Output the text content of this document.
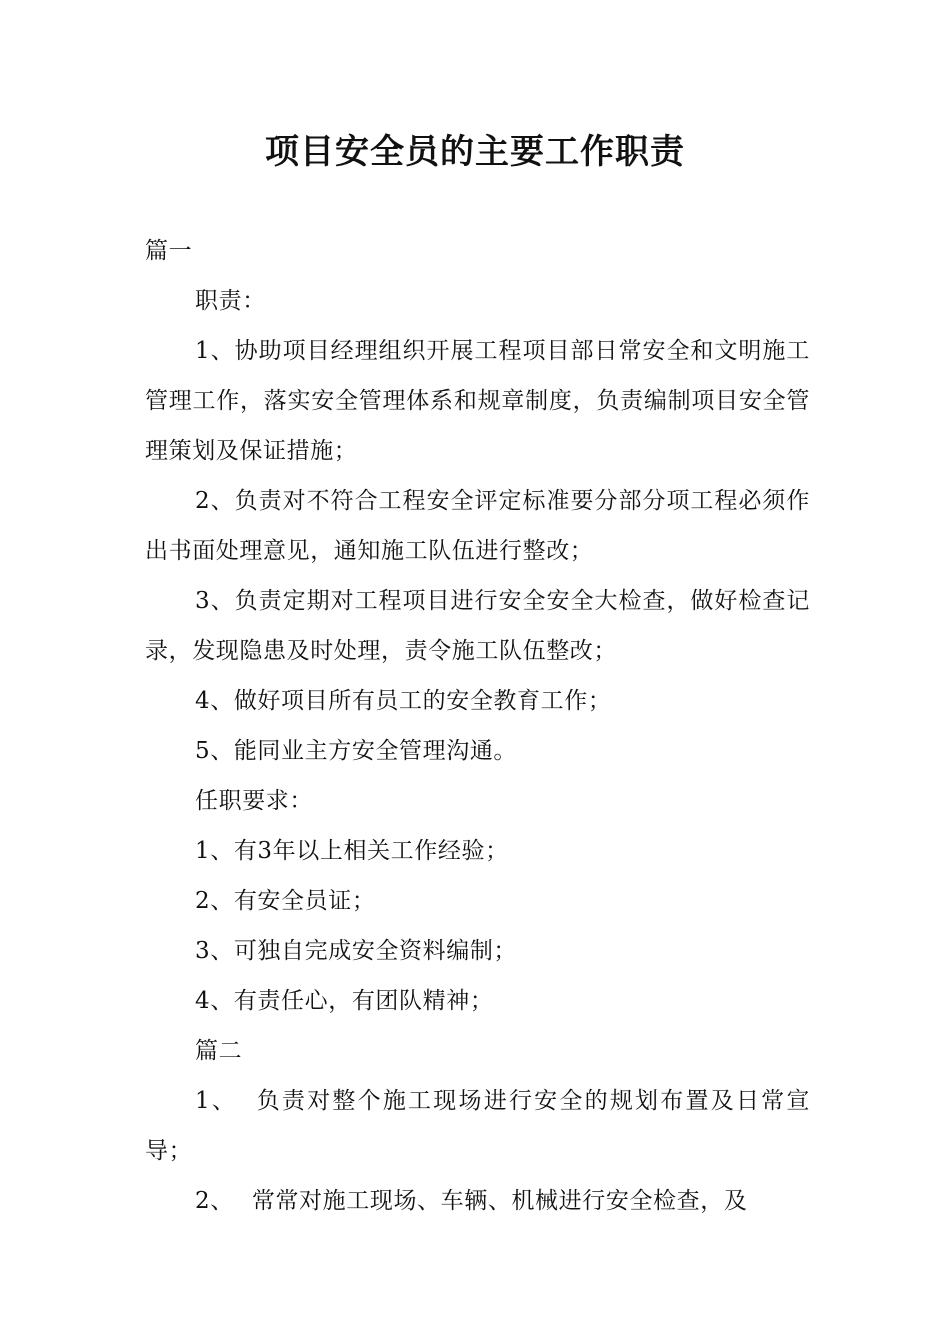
项目安全员的主要工作职责

篇一

职责：

1、协助项目经理组织开展工程项目部日常安全和文明施工管理工作，落实安全管理体系和规章制度，负责编制项目安全管理策划及保证措施；

2、负责对不符合工程安全评定标准要分部分项工程必须作出书面处理意见，通知施工队伍进行整改；

3、负责定期对工程项目进行安全安全大检查，做好检查记录，发现隐患及时处理，责令施工队伍整改；

4、做好项目所有员工的安全教育工作；

5、能同业主方安全管理沟通。

任职要求：

1、有3年以上相关工作经验；

2、有安全员证；

3、可独自完成安全资料编制；

4、有责任心，有团队精神；

篇二

1、 负责对整个施工现场进行安全的规划布置及日常宣导；

2、 常常对施工现场、车辆、机械进行安全检查，及
